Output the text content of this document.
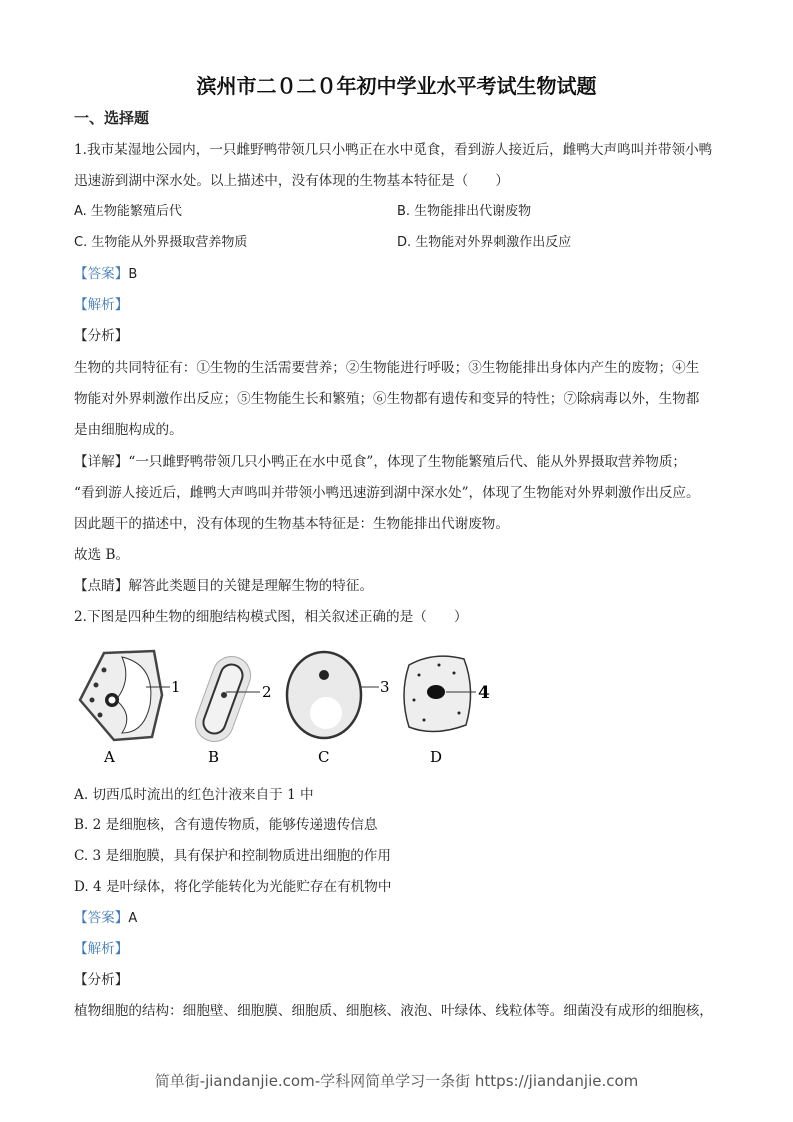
滨州市二０二０年初中学业水平考试生物试题
一、选择题
1.我市某湿地公园内，一只雌野鸭带领几只小鸭正在水中觅食，看到游人接近后，雌鸭大声鸣叫并带领小鸭
迅速游到湖中深水处。以上描述中，没有体现的生物基本特征是（　　）
A. 生物能繁殖后代	B. 生物能排出代谢废物
C. 生物能从外界摄取营养物质	D. 生物能对外界刺激作出反应
【答案】B
【解析】
【分析】
生物的共同特征有：①生物的生活需要营养；②生物能进行呼吸；③生物能排出身体内产生的废物；④生
物能对外界刺激作出反应；⑤生物能生长和繁殖；⑥生物都有遗传和变异的特性；⑦除病毒以外，生物都
是由细胞构成的。
【详解】“一只雌野鸭带领几只小鸭正在水中觅食”，体现了生物能繁殖后代、能从外界摄取营养物质；
“看到游人接近后，雌鸭大声鸣叫并带领小鸭迅速游到湖中深水处”，体现了生物能对外界刺激作出反应。
因此题干的描述中，没有体现的生物基本特征是：生物能排出代谢废物。
故选 B。
【点睛】解答此类题目的关键是理解生物的特征。
2.下图是四种生物的细胞结构模式图，相关叙述正确的是（　　）
1
A
2
B
3
C
4
D
A. 切西瓜时流出的红色汁液来自于 1 中
B. 2 是细胞核，含有遗传物质，能够传递遗传信息
C. 3 是细胞膜，具有保护和控制物质进出细胞的作用
D. 4 是叶绿体，将化学能转化为光能贮存在有机物中
【答案】A
【解析】
【分析】
植物细胞的结构：细胞壁、细胞膜、细胞质、细胞核、液泡、叶绿体、线粒体等。细菌没有成形的细胞核，
简单街-jiandanjie.com-学科网简单学习一条街 https://jiandanjie.com
